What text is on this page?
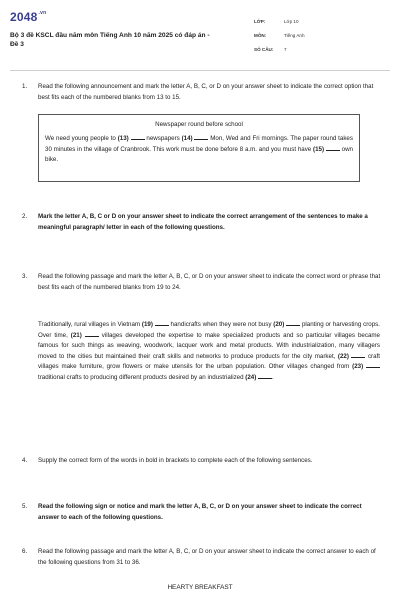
$2048^{.vn}$
Bộ 3 đề KSCL đầu năm môn Tiếng Anh 10 năm 2025 có đáp án - Đề 3
LỚP:	Lớp 10
MÔN:	Tiếng Anh
SỐ CÂU: 7
1. Read the following announcement and mark the letter A, B, C, or D on your answer sheet to indicate the correct option that best fits each of the numbered blanks from 13 to 15.
Newspaper round before school
We need young people to (13)	newspapers (14)	Mon, Wed and Fri mornings. The paper round takes 30 minutes in the village of Cranbrook. This work must be done before 8 a.m. and you must have (15)	own bike.
2. Mark the letter A, B, C or D on your answer sheet to indicate the correct arrangement of the sentences to make a meaningful paragraph/ letter in each of the following questions.
3. Read the following passage and mark the letter A, B, C, or D on your answer sheet to indicate the correct word or phrase that best fits each of the numbered blanks from 19 to 24.
Traditionally, rural villages in Vietnam (19)	handicrafts when they were not busy (20)	planting or harvesting crops. Over time, (21)	villages developed the expertise to make specialized products and so particular villages became famous for such things as weaving, woodwork, lacquer work and metal products. With industrialization, many villagers moved to the cities but maintained their craft skills and networks to produce products for the city market, (22)	craft villages make furniture, grow flowers or make utensils for the urban population. Other villages changed from (23)  traditional crafts to producing different products desired by an industrialized (24)	.
4. Supply the correct form of the words in bold in brackets to complete each of the following sentences.
5. Read the following sign or notice and mark the letter A, B, C, or D on your answer sheet to indicate the correct answer to each of the following questions.
6. Read the following passage and mark the letter A, B, C, or D on your answer sheet to indicate the correct answer to each of the following questions from 31 to 36.
HEARTY BREAKFAST
